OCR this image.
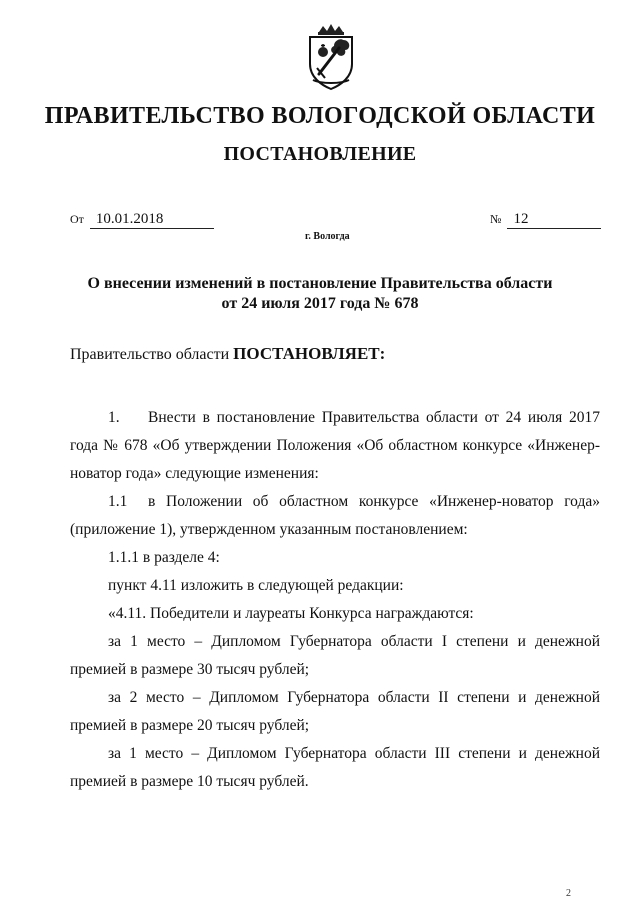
ПРАВИТЕЛЬСТВО ВОЛОГОДСКОЙ ОБЛАСТИ
ПОСТАНОВЛЕНИЕ
От 10.01.2018	№ 12
г. Вологда
О внесении изменений в постановление Правительства области
от 24 июля 2017 года № 678
Правительство области ПОСТАНОВЛЯЕТ:

1. Внести в постановление Правительства области от 24 июля 2017 года № 678 «Об утверждении Положения «Об областном конкурсе «Инженер-новатор года» следующие изменения:

1.1 в Положении об областном конкурсе «Инженер-новатор года» (приложение 1), утвержденном указанным постановлением:

1.1.1 в разделе 4:

пункт 4.11 изложить в следующей редакции:

«4.11. Победители и лауреаты Конкурса награждаются:

за 1 место – Дипломом Губернатора области I степени и денежной премией в размере 30 тысяч рублей;

за 2 место – Дипломом Губернатора области II степени и денежной премией в размере 20 тысяч рублей;

за 1 место – Дипломом Губернатора области III степени и денежной премией в размере 10 тысяч рублей.

2
